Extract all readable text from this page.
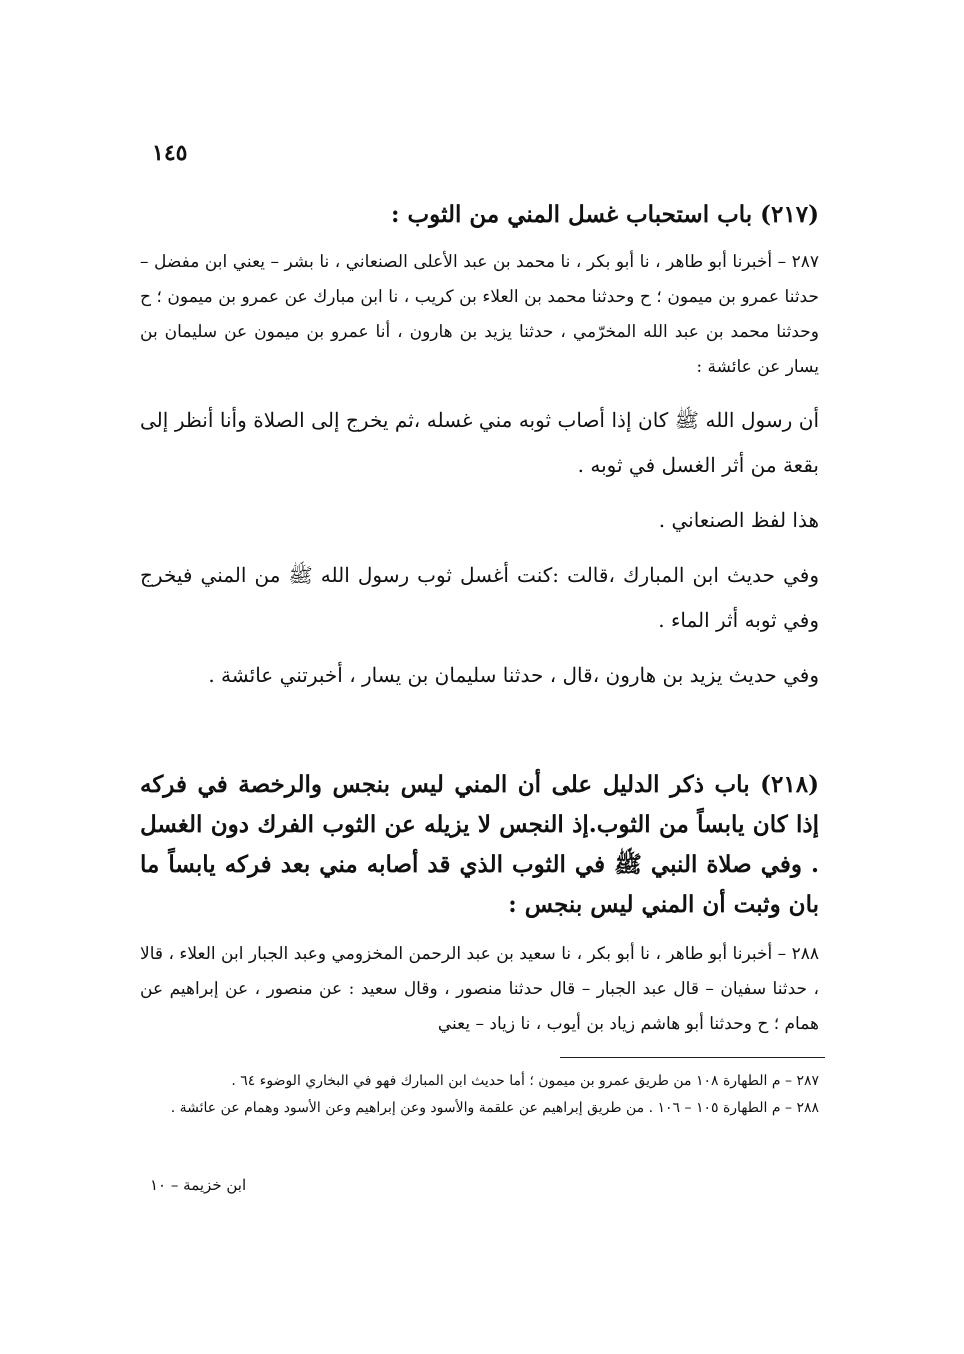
١٤٥

(٢١٧) باب استحباب غسل المني من الثوب :

٢٨٧ – أخبرنا أبو طاهر ، نا أبو بكر ، نا محمد بن عبد الأعلى الصنعاني ، نا بشر – يعني ابن مفضل – حدثنا عمرو بن ميمون ؛ ح وحدثنا محمد بن العلاء بن كريب ، نا ابن مبارك عن عمرو بن ميمون ؛ ح وحدثنا محمد بن عبد الله المخرّمي ، حدثنا يزيد بن هارون ، أنا عمرو بن ميمون عن سليمان بن يسار عن عائشة :

أن رسول الله ﷺ كان إذا أصاب ثوبه مني غسله ،ثم يخرج إلى الصلاة وأنا أنظر إلى بقعة من أثر الغسل في ثوبه .

هذا لفظ الصنعاني .

وفي حديث ابن المبارك ،قالت :كنت أغسل ثوب رسول الله ﷺ من المني فيخرج وفي ثوبه أثر الماء .

وفي حديث يزيد بن هارون ،قال ، حدثنا سليمان بن يسار ، أخبرتني عائشة .

(٢١٨) باب ذكر الدليل على أن المني ليس بنجس والرخصة في فركه إذا كان يابساً من الثوب.إذ النجس لا يزيله عن الثوب الفرك دون الغسل . وفي صلاة النبي ﷺ في الثوب الذي قد أصابه مني بعد فركه يابساً ما بان وثبت أن المني ليس بنجس :

٢٨٨ – أخبرنا أبو طاهر ، نا أبو بكر ، نا سعيد بن عبد الرحمن المخزومي وعبد الجبار ابن العلاء ، قالا ، حدثنا سفيان – قال عبد الجبار – قال حدثنا منصور ، وقال سعيد : عن منصور ، عن إبراهيم عن همام ؛ ح وحدثنا أبو هاشم زياد بن أيوب ، نا زياد – يعني

٢٨٧ – م الطهارة ١٠٨ من طريق عمرو بن ميمون ؛ أما حديث ابن المبارك فهو في البخاري الوضوء ٦٤ .
٢٨٨ – م الطهارة ١٠٥ – ١٠٦ . من طريق إبراهيم عن علقمة والأسود وعن إبراهيم وعن الأسود وهمام عن عائشة .
ابن خزيمة – ١٠
